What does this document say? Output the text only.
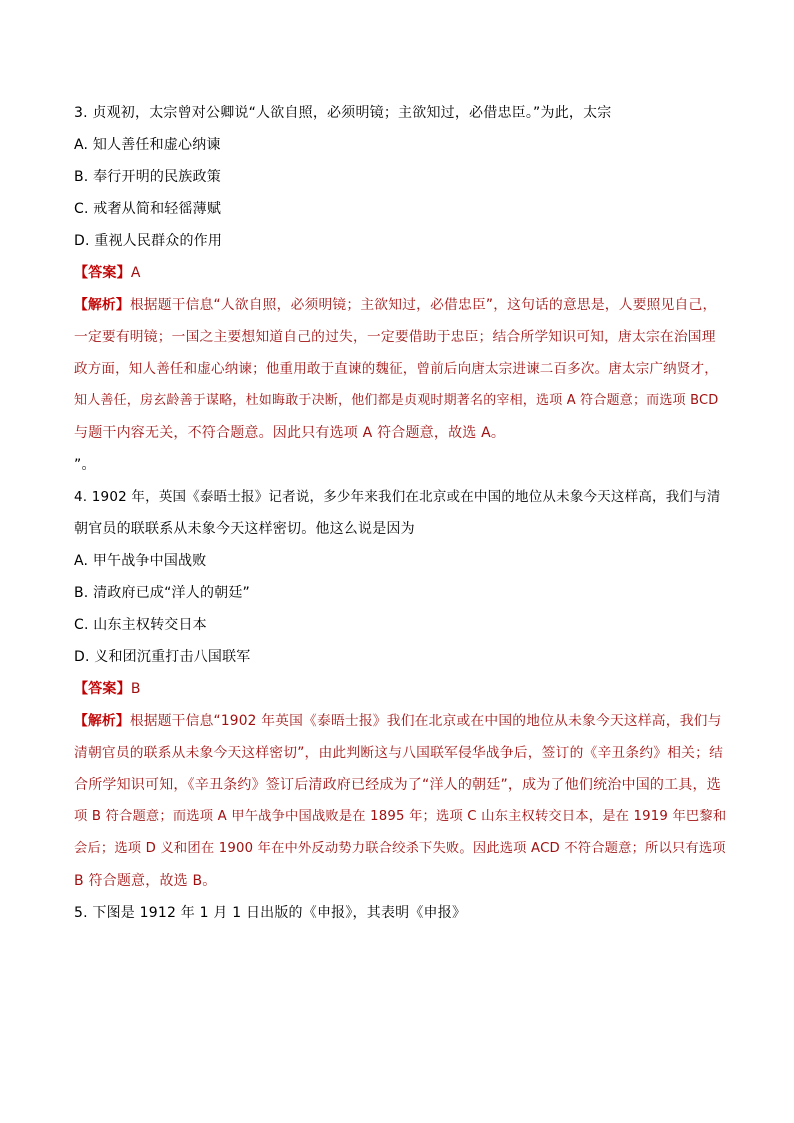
3. 贞观初，太宗曾对公卿说“人欲自照，必须明镜；主欲知过，必借忠臣。”为此，太宗
A. 知人善任和虚心纳谏
B. 奉行开明的民族政策
C. 戒奢从简和轻徭薄赋
D. 重视人民群众的作用
【答案】A
【解析】根据题干信息“人欲自照，必须明镜；主欲知过，必借忠臣”，这句话的意思是，人要照见自己，
一定要有明镜；一国之主要想知道自己的过失，一定要借助于忠臣；结合所学知识可知，唐太宗在治国理
政方面，知人善任和虚心纳谏；他重用敢于直谏的魏征，曾前后向唐太宗进谏二百多次。唐太宗广纳贤才，
知人善任，房玄龄善于谋略，杜如晦敢于决断，他们都是贞观时期著名的宰相，选项 A 符合题意；而选项 BCD
与题干内容无关，不符合题意。因此只有选项 A 符合题意，故选 A。
”。
4. 1902 年，英国《泰晤士报》记者说，多少年来我们在北京或在中国的地位从未象今天这样高，我们与清
朝官员的联联系从未象今天这样密切。他这么说是因为
A. 甲午战争中国战败
B. 清政府已成“洋人的朝廷”
C. 山东主权转交日本
D. 义和团沉重打击八国联军
【答案】B
【解析】根据题干信息“1902 年英国《泰晤士报》我们在北京或在中国的地位从未象今天这样高，我们与
清朝官员的联系从未象今天这样密切”，由此判断这与八国联军侵华战争后，签订的《辛丑条约》相关；结
合所学知识可知，《辛丑条约》签订后清政府已经成为了“洋人的朝廷”，成为了他们统治中国的工具，选
项 B 符合题意；而选项 A 甲午战争中国战败是在 1895 年；选项 C 山东主权转交日本，是在 1919 年巴黎和
会后；选项 D 义和团在 1900 年在中外反动势力联合绞杀下失败。因此选项 ACD 不符合题意；所以只有选项
B 符合题意，故选 B。
5. 下图是 1912 年 1 月 1 日出版的《申报》，其表明《申报》
